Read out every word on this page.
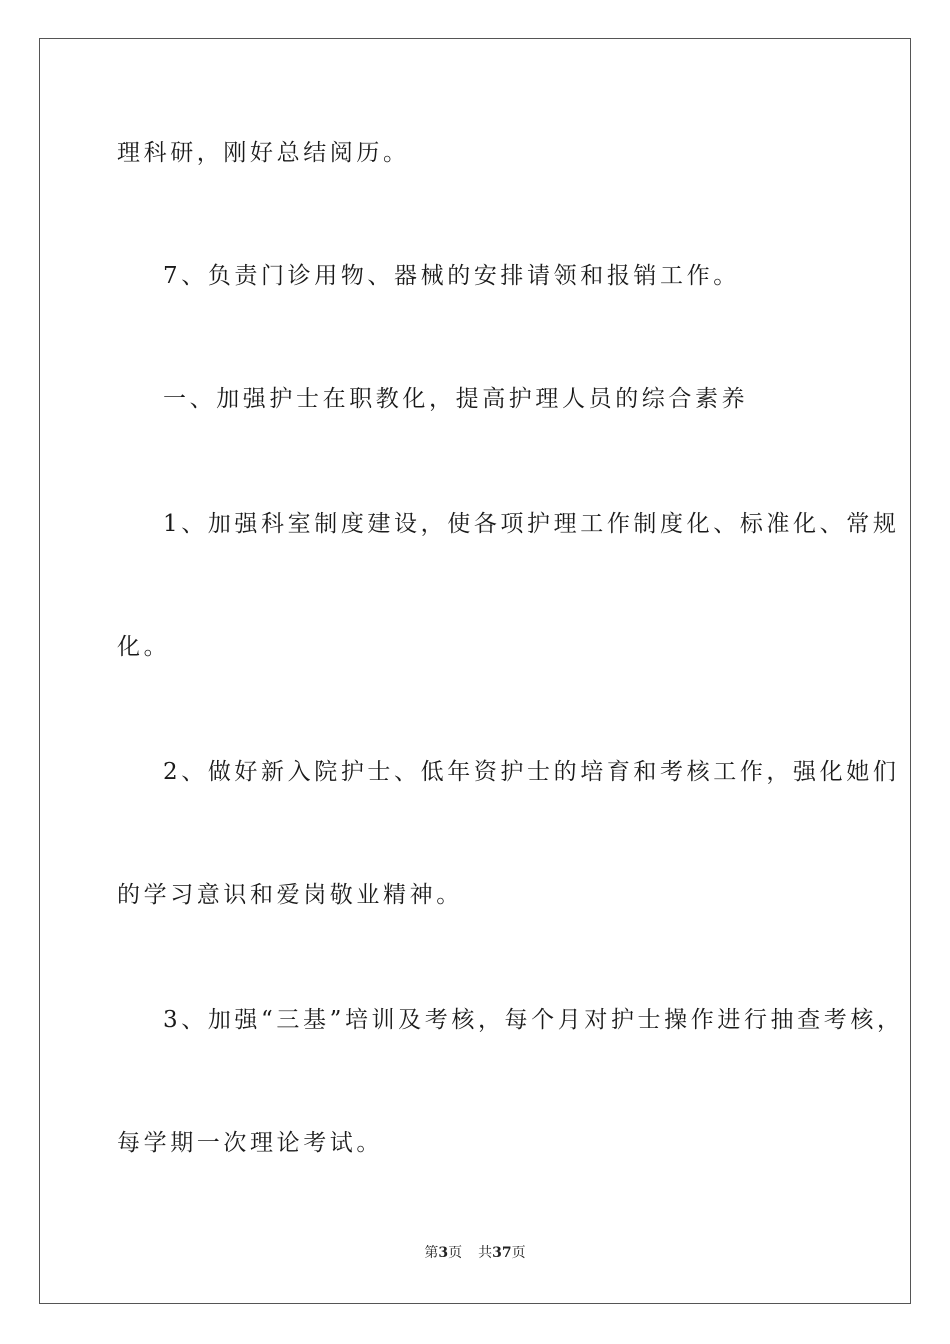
理科研，刚好总结阅历。

7、负责门诊用物、器械的安排请领和报销工作。

一、加强护士在职教化，提高护理人员的综合素养

1、加强科室制度建设，使各项护理工作制度化、标准化、常规

化。

2、做好新入院护士、低年资护士的培育和考核工作，强化她们

的学习意识和爱岗敬业精神。

3、加强“三基”培训及考核，每个月对护士操作进行抽查考核，

每学期一次理论考试。

第3页 共37页
